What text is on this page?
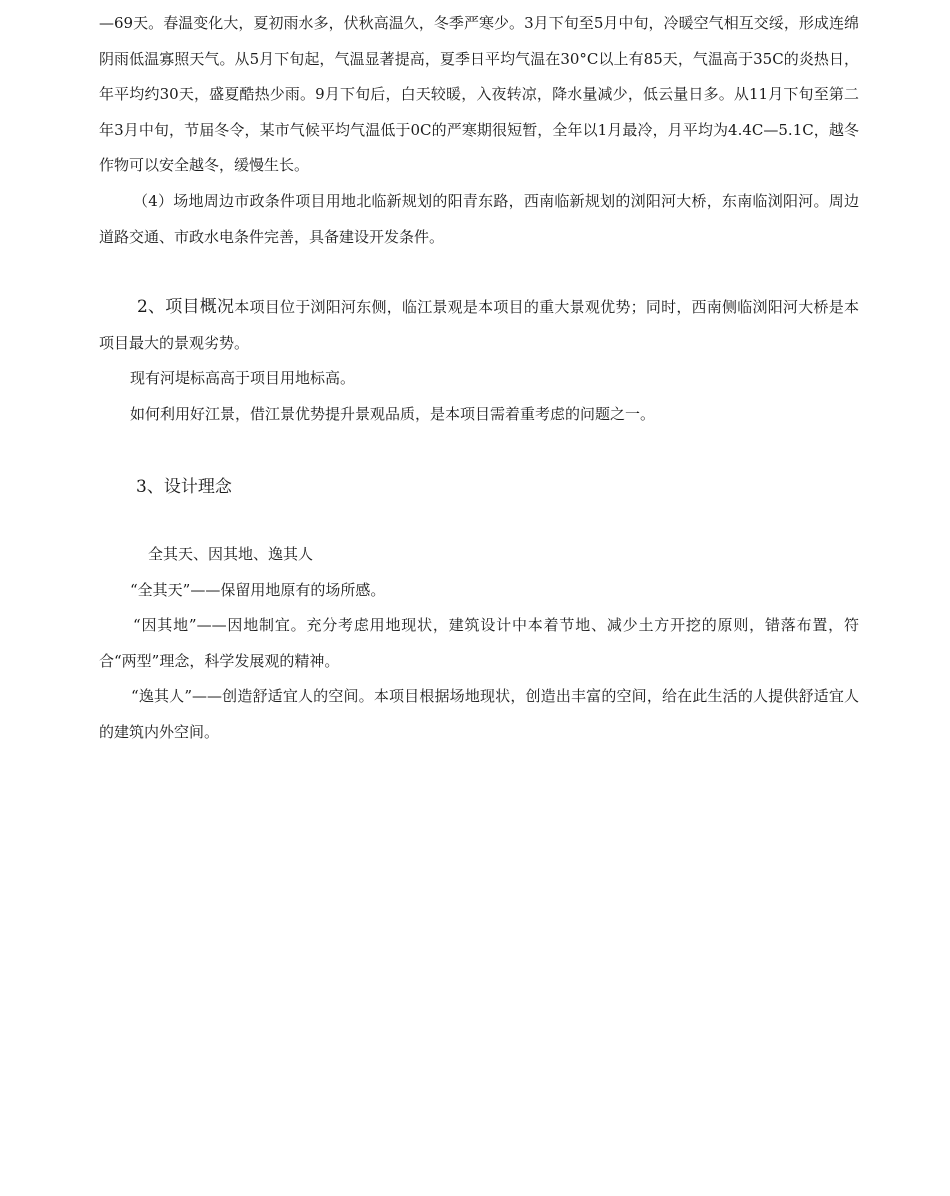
—69天。春温变化大，夏初雨水多，伏秋高温久，冬季严寒少。3月下旬至5月中旬，冷暖空气相互交绥，形成连绵阴雨低温寡照天气。从5月下旬起，气温显著提高，夏季日平均气温在30°C以上有85天，气温高于35C的炎热日，年平均约30天，盛夏酷热少雨。9月下旬后，白天较暖，入夜转凉，降水量减少，低云量日多。从11月下旬至第二年3月中旬，节届冬令，某市气候平均气温低于0C的严寒期很短暂，全年以1月最冷，月平均为4.4C—5.1C，越冬作物可以安全越冬，缓慢生长。

（4）场地周边市政条件项目用地北临新规划的阳青东路，西南临新规划的浏阳河大桥，东南临浏阳河。周边道路交通、市政水电条件完善，具备建设开发条件。

2、项目概况本项目位于浏阳河东侧，临江景观是本项目的重大景观优势；同时，西南侧临浏阳河大桥是本项目最大的景观劣势。

现有河堤标高高于项目用地标高。

如何利用好江景，借江景优势提升景观品质，是本项目需着重考虑的问题之一。

3、设计理念

全其天、因其地、逸其人

“全其天”——保留用地原有的场所感。

“因其地”——因地制宜。充分考虑用地现状，建筑设计中本着节地、减少土方开挖的原则，错落布置，符合“两型”理念，科学发展观的精神。

“逸其人”——创造舒适宜人的空间。本项目根据场地现状，创造出丰富的空间，给在此生活的人提供舒适宜人的建筑内外空间。
